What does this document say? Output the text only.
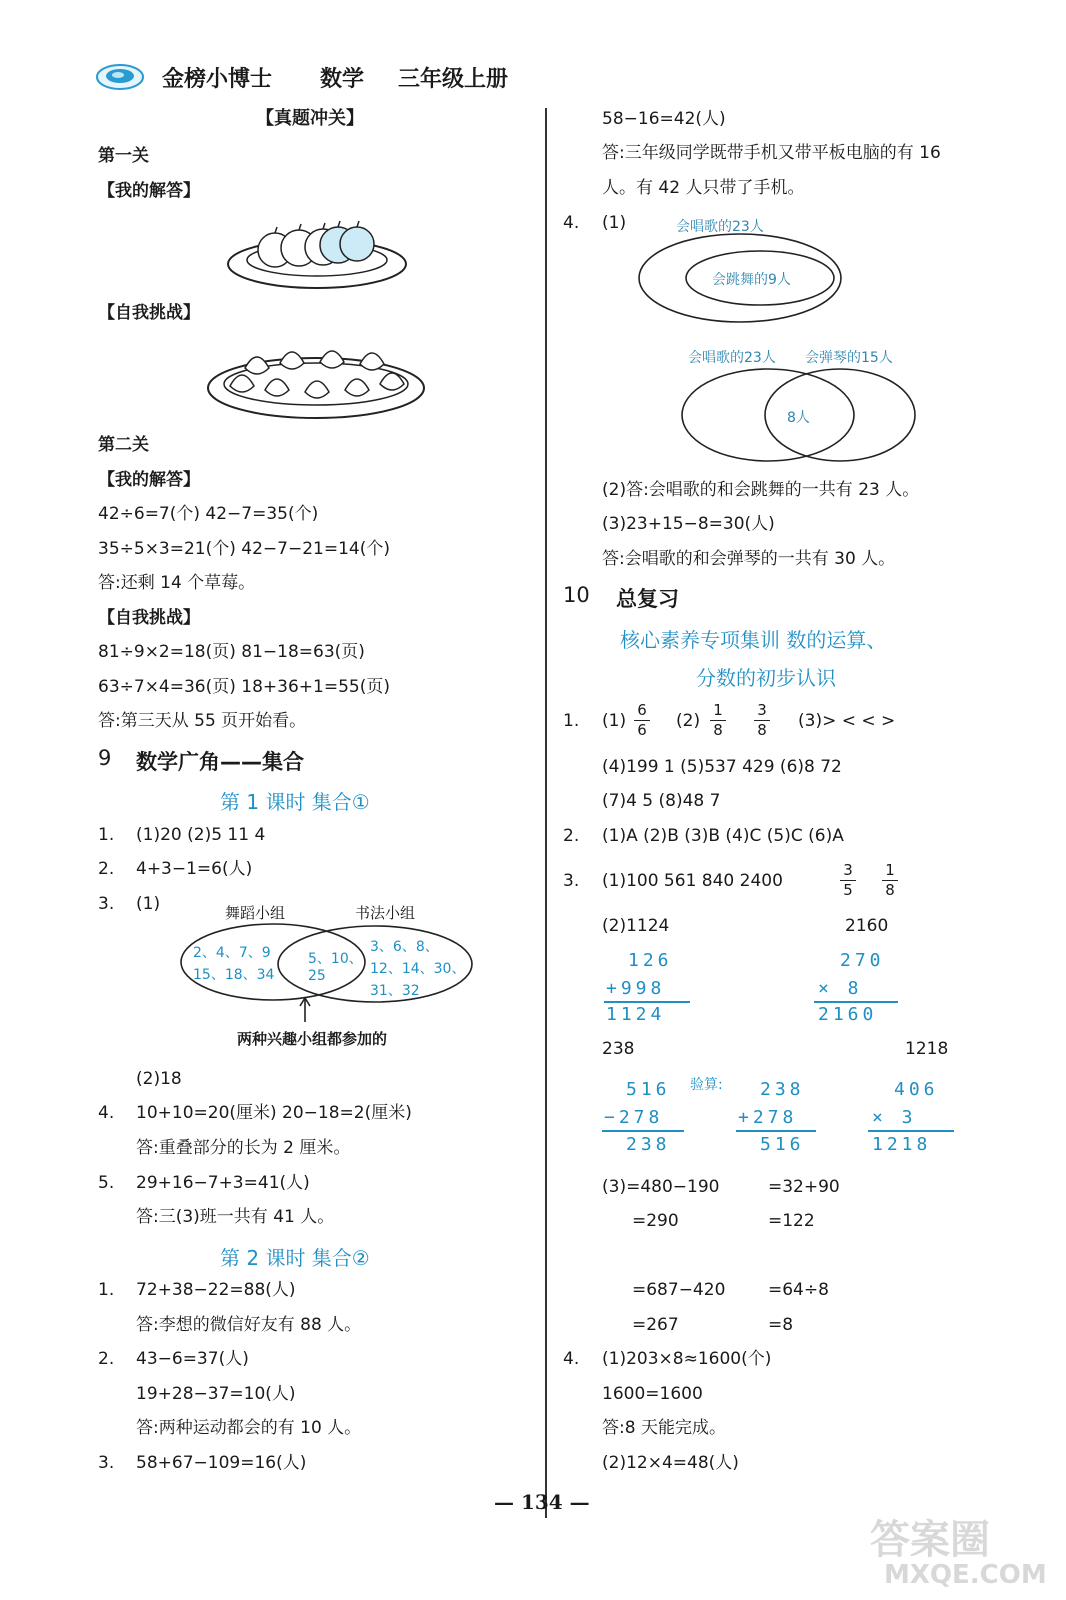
金榜小博士 数学 三年级上册
【真题冲关】
第一关
【我的解答】
【自我挑战】
第二关
【我的解答】
42÷6=7(个) 42−7=35(个)
35÷5×3=21(个) 42−7−21=14(个)
答:还剩 14 个草莓。
【自我挑战】
81÷9×2=18(页) 81−18=63(页)
63÷7×4=36(页) 18+36+1=55(页)
答:第三天从 55 页开始看。
9 数学广角——集合
第 1 课时 集合①
1. (1)20 (2)5 11 4
2. 4+3−1=6(人)
3. (1)	舞蹈小组	书法小组
2、4、7、9
15、18、34
5、10、
25
3、6、8、
12、14、30、
31、32
两种兴趣小组都参加的
(2)18
4. 10+10=20(厘米) 20−18=2(厘米)
答:重叠部分的长为 2 厘米。
5. 29+16−7+3=41(人)
答:三(3)班一共有 41 人。
第 2 课时 集合②
1. 72+38−22=88(人)
答:李想的微信好友有 88 人。
2. 43−6=37(人)
19+28−37=10(人)
答:两种运动都会的有 10 人。
3. 58+67−109=16(人)
58−16=42(人)
答:三年级同学既带手机又带平板电脑的有 16
人。有 42 人只带了手机。
4. (1)	会唱歌的23人
会跳舞的9人
会唱歌的23人 会弹琴的15人
8人
(2)答:会唱歌的和会跳舞的一共有 23 人。
(3)23+15−8=30(人)
答:会唱歌的和会弹琴的一共有 30 人。
10 总复习
核心素养专项集训 数的运算、
分数的初步认识
1. (1)
6
6 (2)
1
8
3
8 (3)> < < >
(4)199 1 (5)537 429 (6)8 72
(7)4 5 (8)48 7
2. (1)A (2)B (3)B (4)C (5)C (6)A
3. (1)100 561 840 2400
3
5
1
8
(2)1124	2160
126
+998
1124
270
× 8
2160
238	1218
516
−278
238
验算: 238
+278
516
406
× 3
1218
(3)=480−190	=32+90
=290	=122
=687−420	=64÷8
=267	=8
4. (1)203×8≈1600(个)
1600=1600
答:8 天能完成。
(2)12×4=48(人)
— 134 —
答案圈
MXQE.COM
